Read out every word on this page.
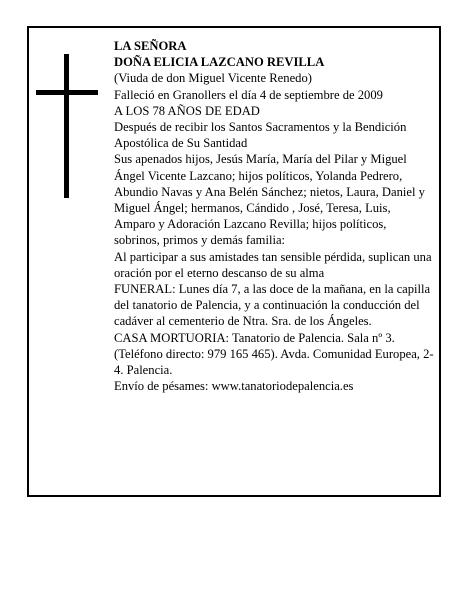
LA SEÑORA

DOÑA ELICIA LAZCANO REVILLA

(Viuda de don Miguel Vicente Renedo)

Falleció en Granollers el día 4 de septiembre de 2009

A LOS 78 AÑOS DE EDAD

Después de recibir los Santos Sacramentos y la Bendición Apostólica de Su Santidad

Sus apenados hijos, Jesús María, María del Pilar y Miguel Ángel Vicente Lazcano; hijos políticos, Yolanda Pedrero, Abundio Navas y Ana Belén Sánchez; nietos, Laura, Daniel y Miguel Ángel; hermanos, Cándido , José, Teresa, Luis, Amparo y Adoración Lazcano Revilla; hijos políticos, sobrinos, primos y demás familia:

Al participar a sus amistades tan sensible pérdida, suplican una oración por el eterno descanso de su alma

FUNERAL: Lunes día 7, a las doce de la mañana, en la capilla del tanatorio de Palencia, y a continuación la conducción del cadáver al cementerio de Ntra. Sra. de los Ángeles.

CASA MORTUORIA: Tanatorio de Palencia. Sala nº 3. (Teléfono directo: 979 165 465). Avda. Comunidad Europea, 2-4. Palencia.

Envío de pésames: www.tanatoriodepalencia.es
